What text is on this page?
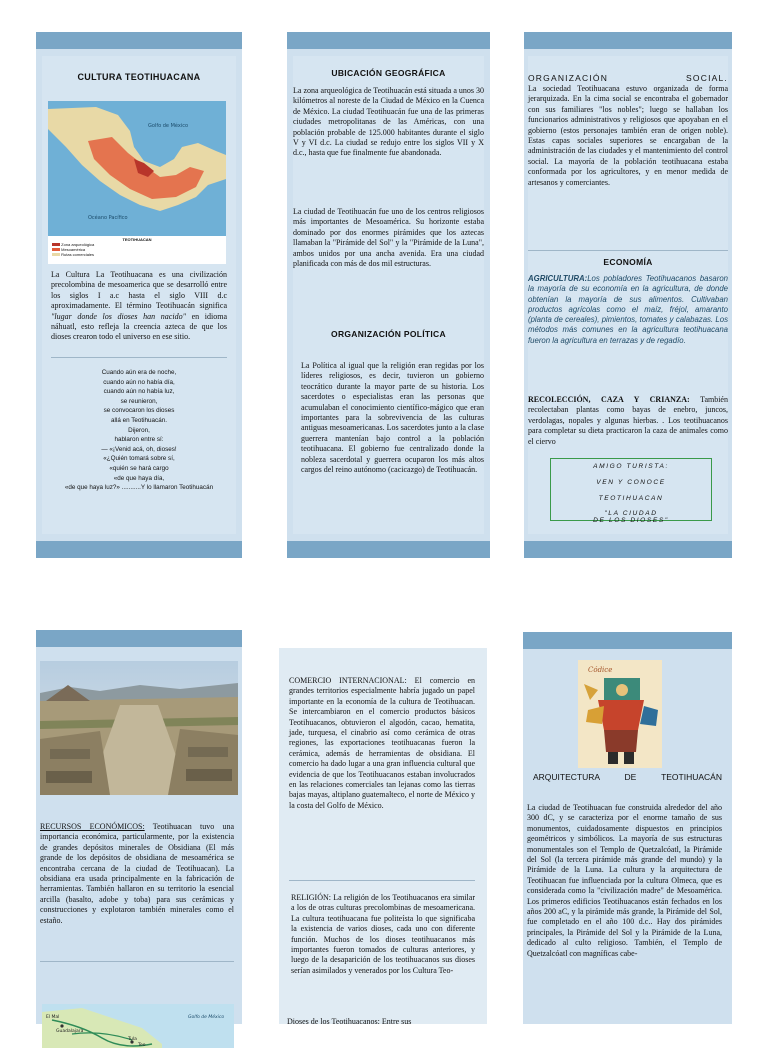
CULTURA TEOTIHUACANA
Golfo de México
Océano Pacífico
TEOTIHUACAN
Zona arqueológica
Mesoamérica
Rutas comerciales

La Cultura La Teotihuacana es una civilización precolombina de mesoamerica que se desarrolló entre los siglos I a.c hasta el siglo VIII d.c aproximadamente. El término Teotihuacán significa "lugar donde los dioses han nacido" en idioma náhuatl, esto refleja la creencia azteca de que los dioses crearon todo el universo en ese sitio.

Cuando aún era de noche,
cuando aún no había día,
cuando aún no había luz,
se reunieron,
se convocaron los dioses
allá en Teotihuacán.
Dijeron,
hablaron entre sí:
— «¡Venid acá, oh, dioses!
«¿Quién tomará sobre sí,
«quién se hará cargo
«de que haya día,
«de que haya luz?» ...........Y lo llamaron Teotihuacán
UBICACIÓN GEOGRÁFICA

La zona arqueológica de Teotihuacán está situada a unos 30 kilómetros al noreste de la Ciudad de México en la Cuenca de México. La ciudad Teotihuacán fue una de las primeras ciudades metropolitanas de las Américas, con una población probable de 125.000 habitantes durante el siglo V y VI d.c. La ciudad se redujo entre los siglos VII y X d.c., hasta que fue finalmente fue abandonada.

La ciudad de Teotihuacán fue uno de los centros religiosos más importantes de Mesoamérica. Su horizonte estaba dominado por dos enormes pirámides que los aztecas llamaban la "Pirámide del Sol" y la "Pirámide de la Luna", ambos unidos por una ancha avenida. Era una ciudad planificada con más de dos mil estructuras.

ORGANIZACIÓN POLÍTICA

La Política al igual que la religión eran regidas por los líderes religiosos, es decir, tuvieron un gobierno teocrático durante la mayor parte de su historia. Los sacerdotes o especialistas eran las personas que acumulaban el conocimiento científico-mágico que eran importantes para la sobrevivencia de las culturas antiguas mesoamericanas. Los sacerdotes junto a la clase guerrera mantenían bajo control a la población teotihuacana. El gobierno fue centralizado donde la nobleza sacerdotal y guerrera ocuparon los más altos cargos del reino autónomo (cacicazgo) de Teotihuacán.

ORGANIZACIÓN SOCIAL.

La sociedad Teotihuacana estuvo organizada de forma jerarquizada. En la cima social se encontraba el gobernador con sus familiares "los nobles"; luego se hallaban los funcionarios administrativos y religiosos que apoyaban en el gobierno (estos personajes también eran de origen noble). Estas capas sociales superiores se encargaban de la administración de las ciudades y el mantenimiento del control social. La mayoría de la población teotihuacana estaba conformada por los agricultores, y en menor medida de artesanos y comerciantes.

ECONOMÍA

AGRICULTURA:Los pobladores Teotihuacanos basaron la mayoría de su economía en la agricultura, de donde obtenían la mayoría de sus alimentos. Cultivaban productos agrícolas como el maíz, fréjol, amaranto (planta de cereales), pimientos, tomates y calabazas. Los métodos más comunes en la agricultura teotihuacana fueron la agricultura en terrazas y de regadío.

RECOLECCIÓN, CAZA Y CRIANZA: También recolectaban plantas como bayas de enebro, juncos, verdolagas, nopales y algunas hierbas. . Los teotihuacanos para completar su dieta practicaron la caza de animales como el ciervo

AMIGO TURISTA:
VEN Y CONOCE
TEOTIHUACAN
"LA CIUDAD
DE LOS DIOSES"

RECURSOS ECONÓMICOS: Teotihuacan tuvo una importancia económica, particularmente, por la existencia de grandes depósitos minerales de Obsidiana (El más grande de los depósitos de obsidiana de mesoamérica se encontraba cercana de la ciudad de Teotihuacan). La obsidiana era usada principalmente en la fabricación de herramientas. También hallaron en su territorio la esencial arcilla (basalto, adobe y toba) para sus cerámicas y construcciones y explotaron también minerales como el estaño.

El Mal
Guadalajara
Golfo de México
Tula
Teo

COMERCIO INTERNACIONAL: El comercio en grandes territorios especialmente habría jugado un papel importante en la economía de la cultura de Teotihuacan. Se intercambiaron en el comercio productos básicos Teotihuacanos, obtuvieron el algodón, cacao, hematita, jade, turquesa, el cinabrio así como cerámica de otras regiones, las exportaciones teotihuacanas fueron la cerámica, además de herramientas de obsidiana. El comercio ha dado lugar a una gran influencia cultural que evidencia de que los Teotihuacanos estaban involucrados en las relaciones comerciales tan lejanas como las tierras bajas mayas, altiplano guatemalteco, el norte de México y la costa del Golfo de México.

RELIGIÓN: La religión de los Teotihuacanos era similar a los de otras culturas precolombinas de mesoamericana. La cultura teotihuacana fue politeísta lo que significaba la existencia de varios dioses, cada uno con diferente función. Muchos de los dioses teotihuacanos más importantes fueron tomados de culturas anteriores, y luego de la desaparición de los teotihuacanos sus dioses serían asimilados y venerados por los Cultura Teo-

Dioses de los Teotihuacanos: Entre sus

Códice
ARQUITECTURA DE TEOTIHUACÁN

La ciudad de Teotihuacan fue construida alrededor del año 300 dC, y se caracteriza por el enorme tamaño de sus monumentos, cuidadosamente dispuestos en principios geométricos y simbólicos. La mayoría de sus estructuras monumentales son el Templo de Quetzalcóatl, la Pirámide del Sol (la tercera pirámide más grande del mundo) y la Pirámide de la Luna. La cultura y la arquitectura de Teotihuacan fue influenciada por la cultura Olmeca, que es considerada como la "civilización madre" de Mesoamérica. Los primeros edificios Teotihuacanos están fechados en los años 200 aC, y la pirámide más grande, la Pirámide del Sol, fue completado en el año 100 d.c.. Hay dos pirámides principales, la Pirámide del Sol y la Pirámide de la Luna, dedicado al culto religioso. También, el Templo de Quetzalcóatl con magníficas cabe-
